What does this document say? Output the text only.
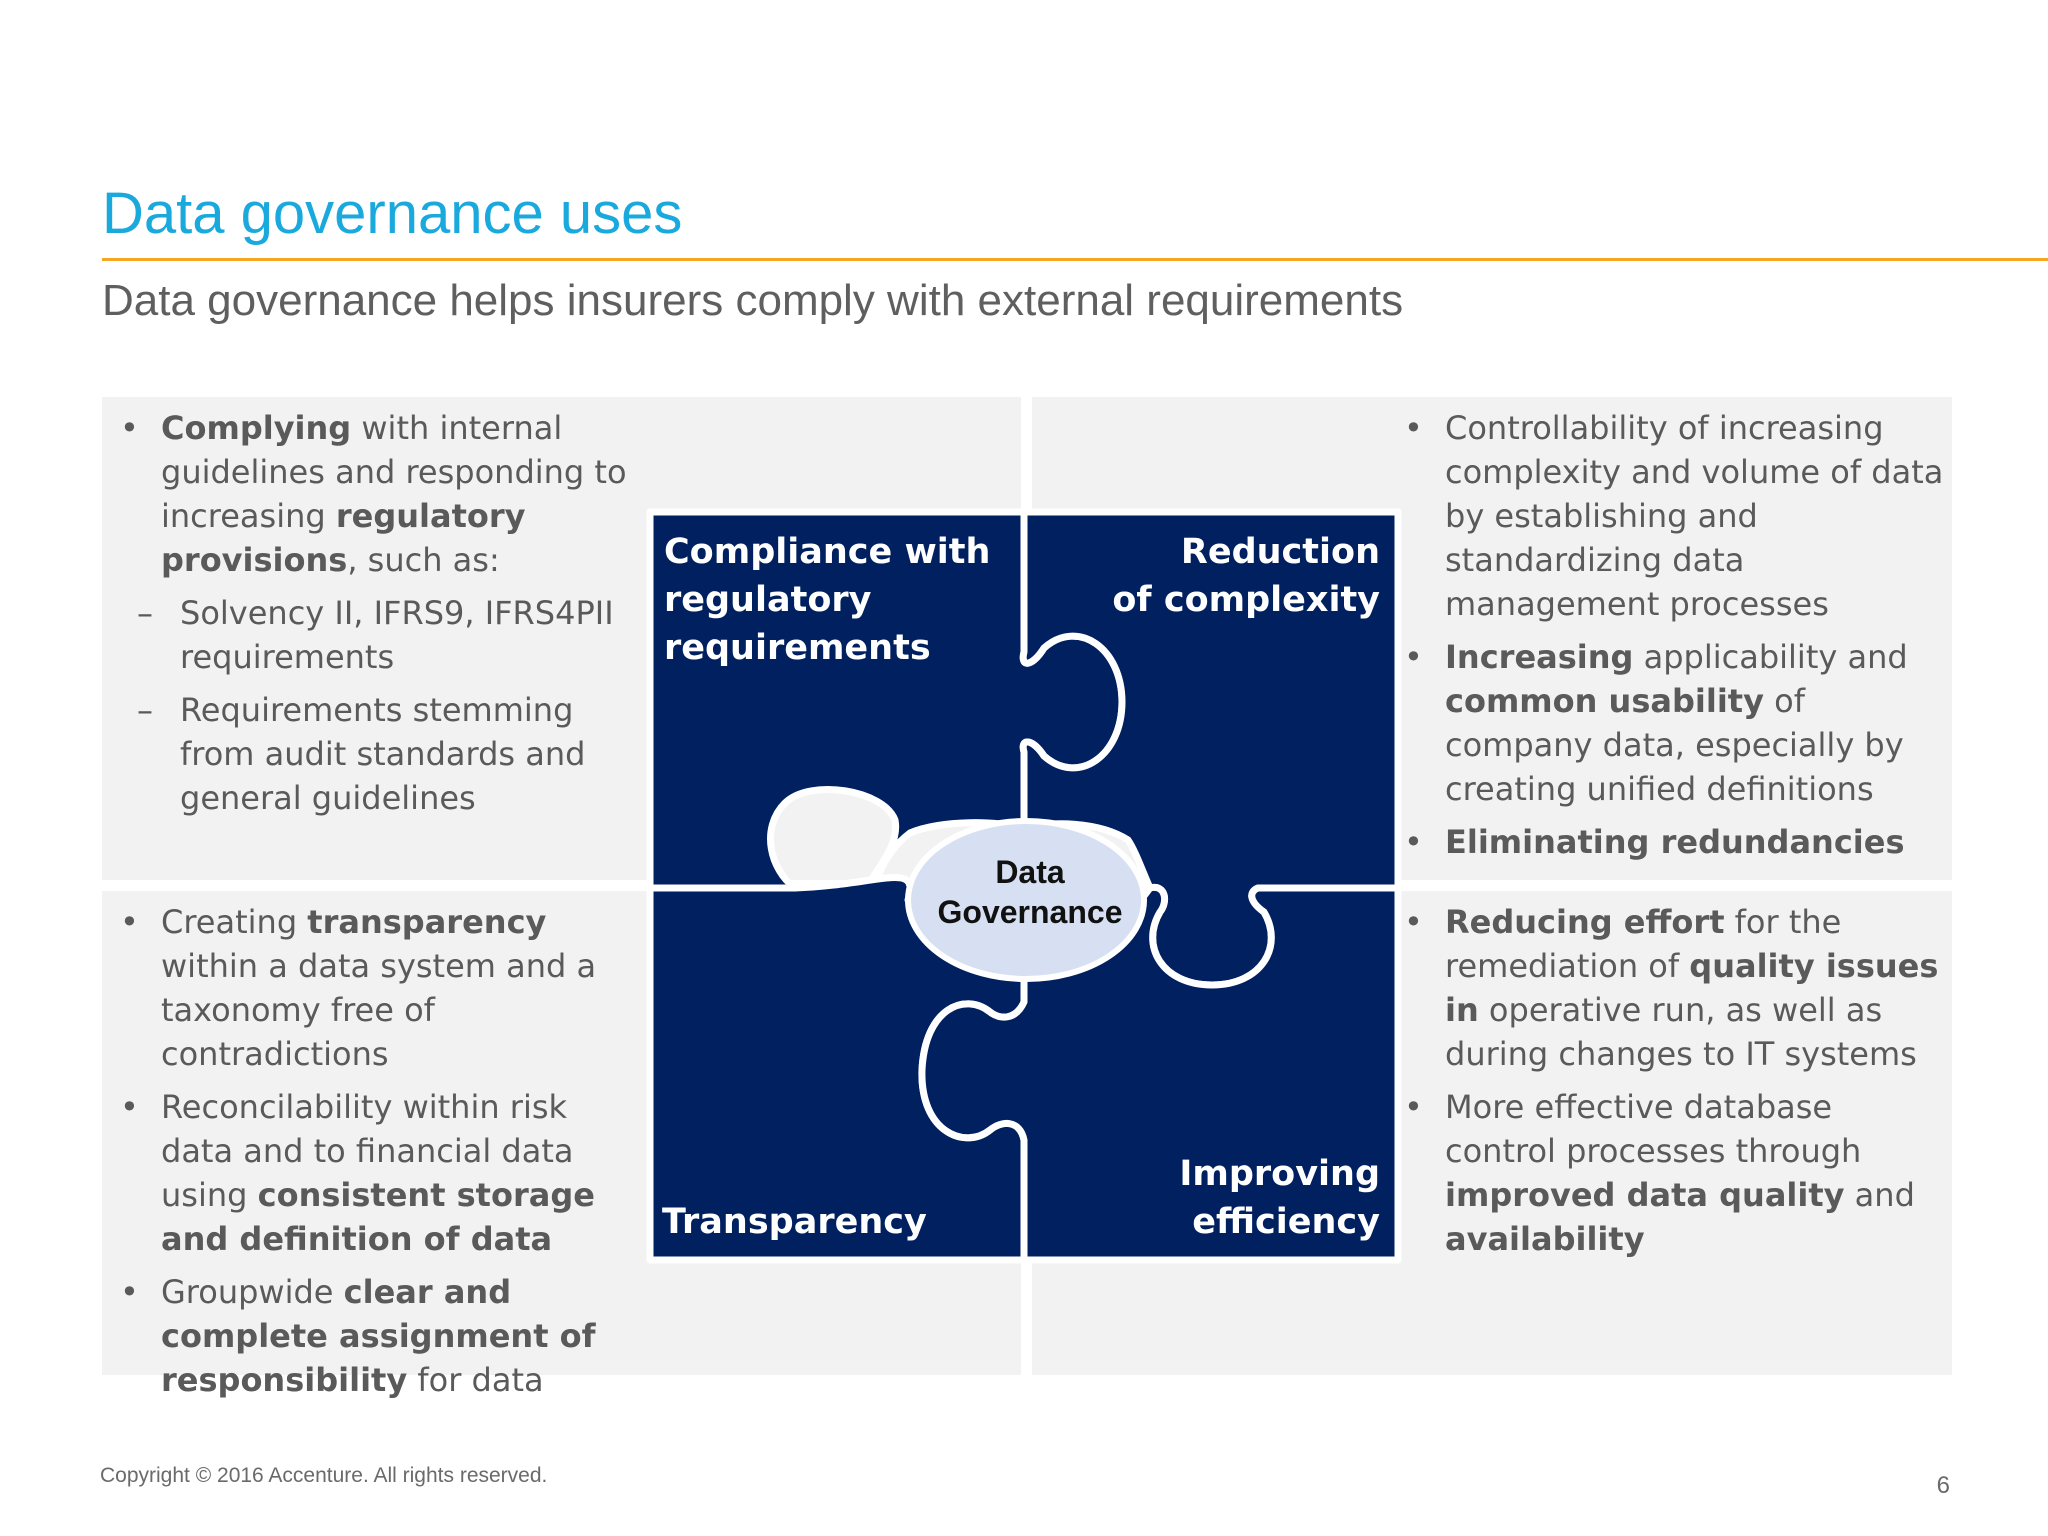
Data governance uses
Data governance helps insurers comply with external requirements
• Complying with internal guidelines and responding to increasing regulatory provisions, such as:
– Solvency II, IFRS9, IFRS4PII requirements
– Requirements stemming from audit standards and general guidelines
• Controllability of increasing complexity and volume of data by establishing and standardizing data management processes
• Increasing applicability and common usability of company data, especially by creating unified definitions
• Eliminating redundancies
• Creating transparency within a data system and a taxonomy free of contradictions
• Reconcilability within risk data and to financial data using consistent storage and definition of data
• Groupwide clear and complete assignment of responsibility for data
• Reducing effort for the remediation of quality issues in operative run, as well as during changes to IT systems
• More effective database control processes through improved data quality and availability
Compliance with
regulatory
requirements
Reduction
of complexity
Transparency
Improving
efficiency
Data
Governance
Copyright © 2016 Accenture. All rights reserved.	6
